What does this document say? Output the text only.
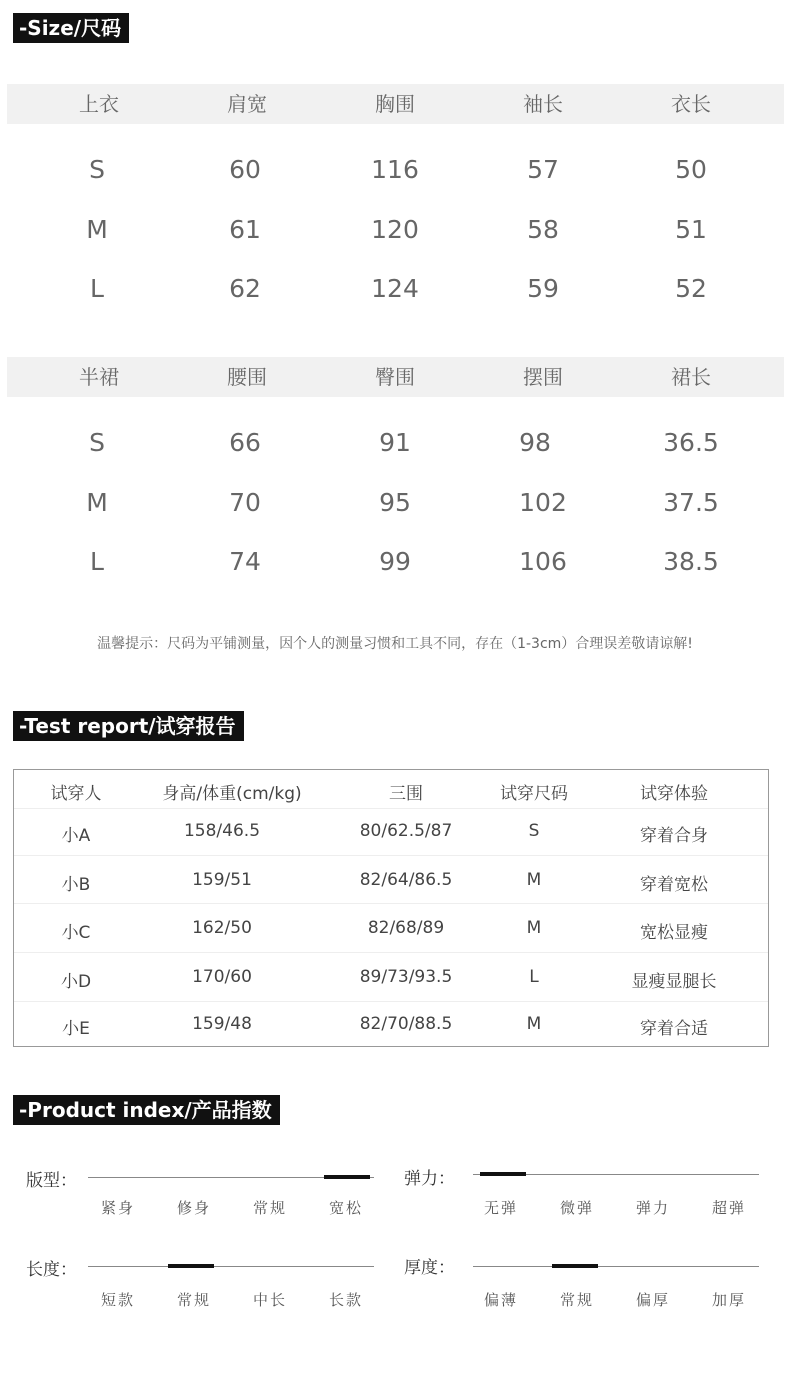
-Size/尺码
上衣	肩宽	胸围	袖长	衣长
S	60	116	57	50
M	61	120	58	51
L	62	124	59	52
半裙	腰围	臀围	摆围	裙长
S	66	91	98	36.5
M	70	95	102	37.5
L	74	99	106	38.5
温馨提示：尺码为平铺测量，因个人的测量习惯和工具不同，存在（1-3cm）合理误差敬请谅解!
-Test report/试穿报告
试穿人	身高/体重(cm/kg)	三围	试穿尺码	试穿体验
小A	158/46.5	80/62.5/87	S	穿着合身
小B	159/51	82/64/86.5	M	穿着宽松
小C	162/50	82/68/89	M	宽松显瘦
小D	170/60	89/73/93.5	L	显瘦显腿长
小E	159/48	82/70/88.5	M	穿着合适
-Product index/产品指数
版型：
紧身	修身	常规	宽松
弹力：
无弹	微弹	弹力	超弹
长度：
短款	常规	中长	长款
厚度：
偏薄	常规	偏厚	加厚
